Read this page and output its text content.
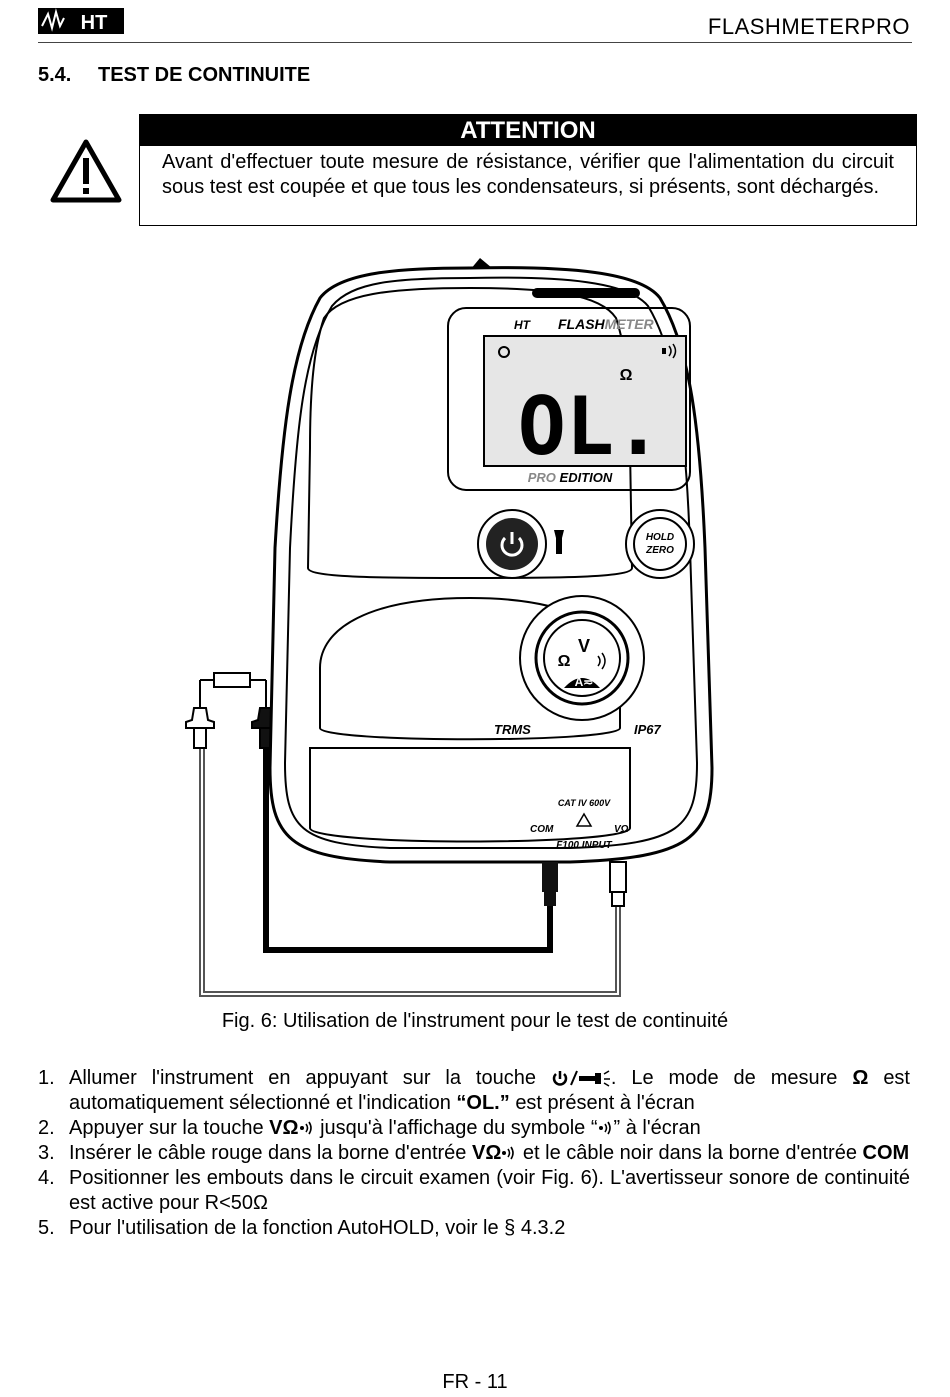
HT	FLASHMETERPRO
5.4. TEST DE CONTINUITE
ATTENTION
Avant d'effectuer toute mesure de résistance, vérifier que l'alimentation du circuit sous test est coupée et que tous les condensateurs, si présents, sont déchargés.
HT FLASHMETER
Ω
OL.
PRO EDITION
HOLD
ZERO
V
Ω
A≂
TRMS	IP67
CAT IV 600V
COM	VΩ
F100 INPUT
Fig. 6: Utilisation de l'instrument pour le test de continuité
1. Allumer l'instrument en appuyant sur la touche	. Le mode de mesure Ω est automatiquement sélectionné et l'indication “OL.” est présent à l'écran
2. Appuyer sur la touche VΩ jusqu'à l'affichage du symbole “ ” à l'écran
3. Insérer le câble rouge dans la borne d'entrée VΩ et le câble noir dans la borne d'entrée COM
4. Positionner les embouts dans le circuit examen (voir Fig. 6). L'avertisseur sonore de continuité est active pour R<50Ω
5. Pour l'utilisation de la fonction AutoHOLD, voir le § 4.3.2
FR - 11
